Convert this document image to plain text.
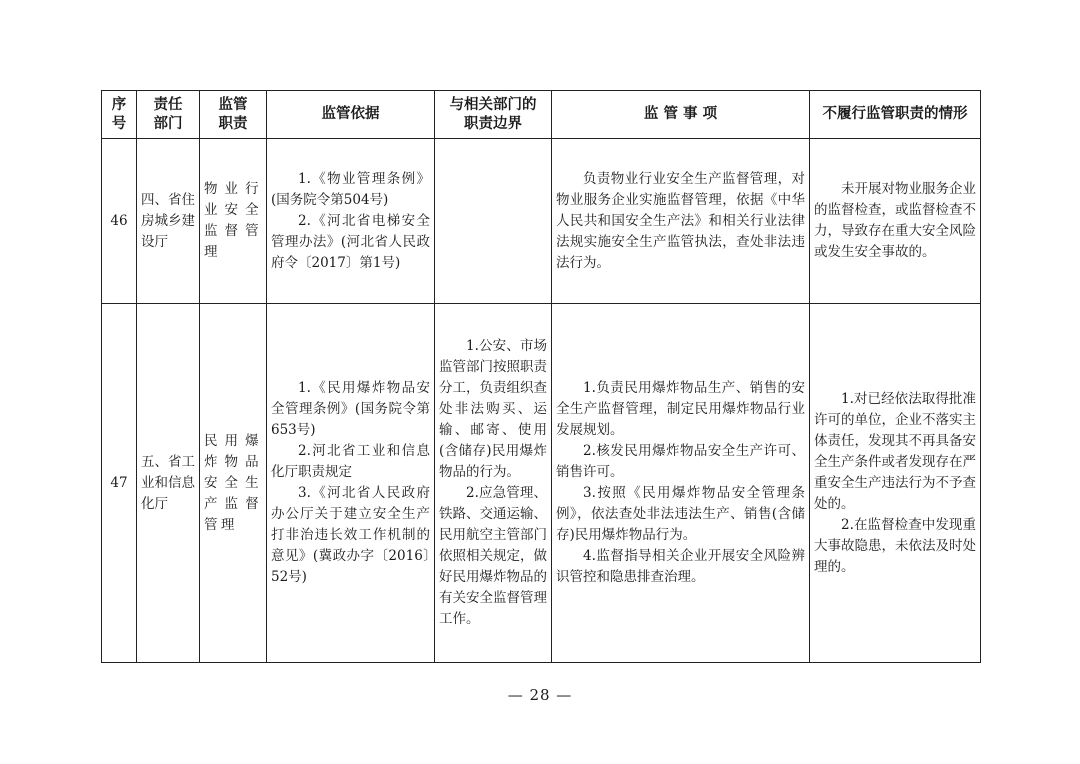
序
号	责任
部门	监管
职责	监管依据	与相关部门的
职责边界	监 管 事 项	不履行监管职责的情形
46	四、省住房城乡建设厅	物业行业安全监督管理	1.《物业管理条例》(国务院令第504号)
2.《河北省电梯安全管理办法》(河北省人民政府令〔2017〕第1号)		负责物业行业安全生产监督管理，对物业服务企业实施监督管理，依据《中华人民共和国安全生产法》和相关行业法律法规实施安全生产监管执法，查处非法违法行为。	未开展对物业服务企业的监督检查，或监督检查不力，导致存在重大安全风险或发生安全事故的。

47	五、省工业和信息化厅	民用爆炸物品安全生产监督管理	1.《民用爆炸物品安全管理条例》(国务院令第653号)
2.河北省工业和信息化厅职责规定
3.《河北省人民政府办公厅关于建立安全生产打非治违长效工作机制的意见》(冀政办字〔2016〕52号)	1.公安、市场监管部门按照职责分工，负责组织查处非法购买、运输、邮寄、使用(含储存)民用爆炸物品的行为。
2.应急管理、铁路、交通运输、民用航空主管部门依照相关规定，做好民用爆炸物品的有关安全监督管理工作。	1.负责民用爆炸物品生产、销售的安全生产监督管理，制定民用爆炸物品行业发展规划。
2.核发民用爆炸物品安全生产许可、销售许可。
3.按照《民用爆炸物品安全管理条例》，依法查处非法违法生产、销售(含储存)民用爆炸物品行为。
4.监督指导相关企业开展安全风险辨识管控和隐患排查治理。	1.对已经依法取得批准许可的单位，企业不落实主体责任，发现其不再具备安全生产条件或者发现存在严重安全生产违法行为不予查处的。
2.在监督检查中发现重大事故隐患，未依法及时处理的。
— 28 —
